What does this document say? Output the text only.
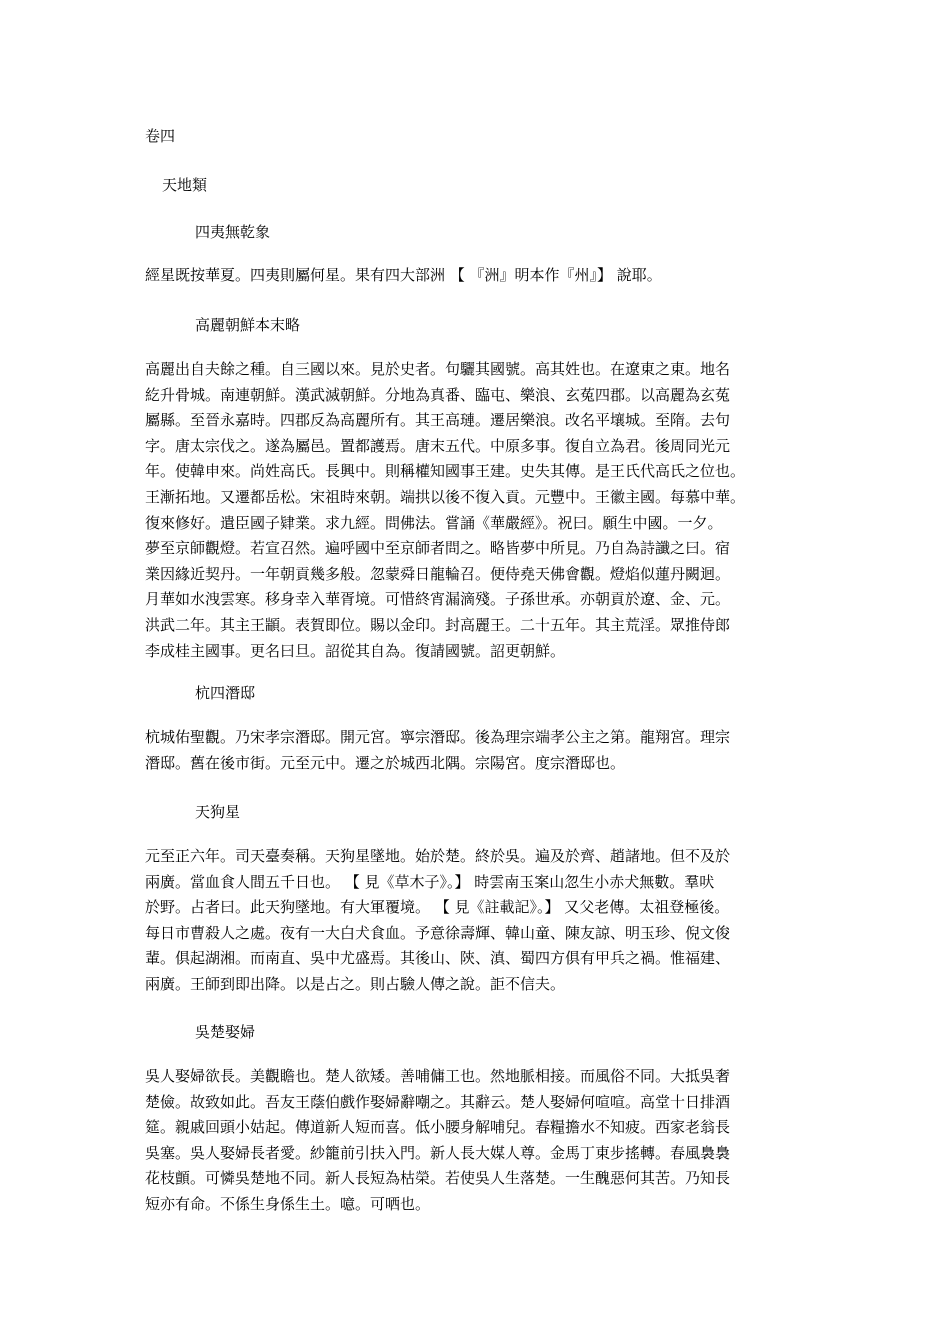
卷四
天地類
四夷無乾象
經星既按華夏。四夷則屬何星。果有四大部洲 【 『洲』明本作『州』】 說耶。
高麗朝鮮本末略
高麗出自夫餘之種。自三國以來。見於史者。句驪其國號。高其姓也。在遼東之東。地名
紇升骨城。南連朝鮮。漢武滅朝鮮。分地為真番、臨屯、樂浪、玄菟四郡。以高麗為玄菟
屬縣。至晉永嘉時。四郡反為高麗所有。其王高璉。遷居樂浪。改名平壤城。至隋。去句
字。唐太宗伐之。遂為屬邑。置都護焉。唐末五代。中原多事。復自立為君。後周同光元
年。使韓申來。尚姓高氏。長興中。則稱權知國事王建。史失其傳。是王氏代高氏之位也。
王漸拓地。又遷都岳松。宋祖時來朝。端拱以後不復入貢。元豐中。王徽主國。每慕中華。
復來修好。遣臣國子肄業。求九經。問佛法。嘗誦《華嚴經》。祝曰。願生中國。一夕。
夢至京師觀燈。若宣召然。遍呼國中至京師者問之。略皆夢中所見。乃自為詩讖之曰。宿
業因緣近契丹。一年朝貢幾多般。忽蒙舜日龍輪召。便侍堯天佛會觀。燈焰似蓮丹闕迴。
月華如水洩雲寒。移身幸入華胥境。可惜終宵漏滴殘。子孫世承。亦朝貢於遼、金、元。
洪武二年。其主王顓。表賀即位。賜以金印。封高麗王。二十五年。其主荒淫。眾推侍郎
李成桂主國事。更名曰旦。詔從其自為。復請國號。詔更朝鮮。
杭四潛邸
杭城佑聖觀。乃宋孝宗潛邸。開元宮。寧宗潛邸。後為理宗端孝公主之第。龍翔宮。理宗
潛邸。舊在後市街。元至元中。遷之於城西北隅。宗陽宮。度宗潛邸也。
天狗星
元至正六年。司天臺奏稱。天狗星墜地。始於楚。終於吳。遍及於齊、趙諸地。但不及於
兩廣。當血食人間五千日也。 【 見《草木子》。】 時雲南玉案山忽生小赤犬無數。羣吠
於野。占者曰。此天狗墜地。有大軍覆境。 【 見《註載記》。】 又父老傳。太祖登極後。
每日市曹殺人之處。夜有一大白犬食血。予意徐壽輝、韓山童、陳友諒、明玉珍、倪文俊
輩。俱起湖湘。而南直、吳中尤盛焉。其後山、陝、滇、蜀四方俱有甲兵之禍。惟福建、
兩廣。王師到即出降。以是占之。則占驗人傳之說。詎不信夫。
吳楚娶婦
吳人娶婦欲長。美觀瞻也。楚人欲矮。善哺傭工也。然地脈相接。而風俗不同。大抵吳奢
楚儉。故致如此。吾友王蔭伯戲作娶婦辭嘲之。其辭云。楚人娶婦何喧喧。高堂十日排酒
筵。親戚回頭小姑起。傳道新人短而喜。低小腰身解哺兒。春糧擔水不知疲。西家老翁長
吳塞。吳人娶婦長者愛。紗籠前引扶入門。新人長大媒人尊。金馬丁東步搖轉。春風裊裊
花枝顫。可憐吳楚地不同。新人長短為枯榮。若使吳人生落楚。一生醜惡何其苦。乃知長
短亦有命。不係生身係生土。噫。可哂也。
